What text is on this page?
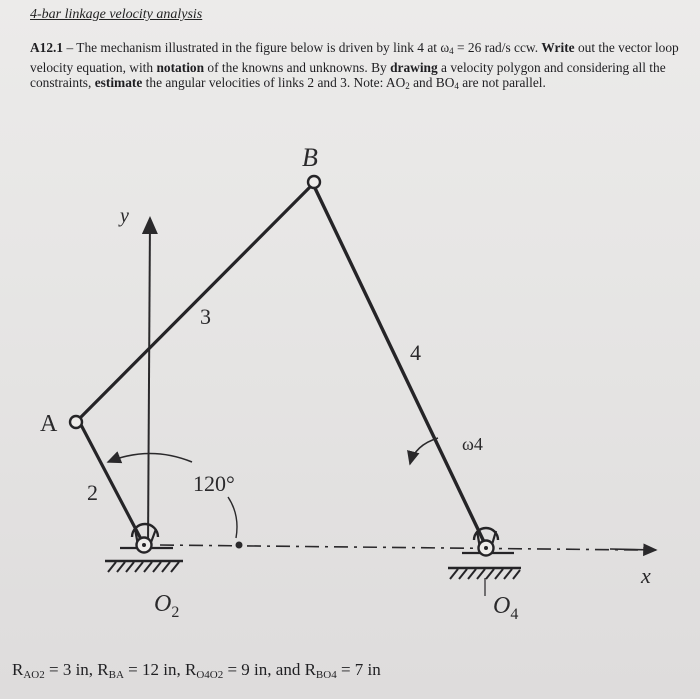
4-bar linkage velocity analysis
A12.1 – The mechanism illustrated in the figure below is driven by link 4 at $\omega_4 = 26$ rad/s ccw. Write out the vector loop velocity equation, with notation of the knowns and unknowns. By drawing a velocity polygon and considering all the constraints, estimate the angular velocities of links 2 and 3. Note: $AO_2$ and $BO_4$ are not parallel.
y
x
B
A
3
4
2	120°
ω4
$O_2$	$O_4$
$R_{AO2} = 3$ in, $R_{BA} = 12$ in, $R_{O4O2} = 9$ in, and $R_{BO4} = 7$ in
